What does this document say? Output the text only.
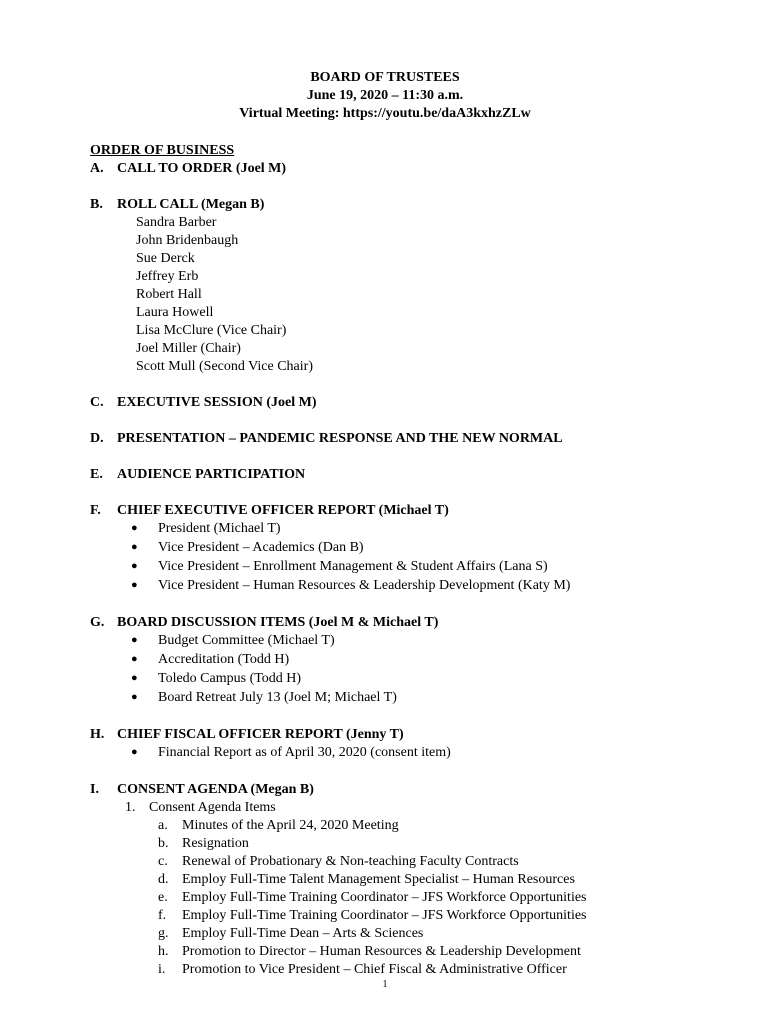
BOARD OF TRUSTEES
June 19, 2020 – 11:30 a.m.
Virtual Meeting: https://youtu.be/daA3kxhzZLw
ORDER OF BUSINESS
A. CALL TO ORDER (Joel M)
B.	ROLL CALL (Megan B)
Sandra Barber
John Bridenbaugh
Sue Derck
Jeffrey Erb
Robert Hall
Laura Howell
Lisa McClure (Vice Chair)
Joel Miller (Chair)
Scott Mull (Second Vice Chair)
C. EXECUTIVE SESSION (Joel M)
D. PRESENTATION – PANDEMIC RESPONSE AND THE NEW NORMAL
E.	AUDIENCE PARTICIPATION
F.	CHIEF EXECUTIVE OFFICER REPORT (Michael T)
●	President (Michael T)
●	Vice President – Academics (Dan B)
●	Vice President – Enrollment Management & Student Affairs (Lana S)
●	Vice President – Human Resources & Leadership Development (Katy M)
G. BOARD DISCUSSION ITEMS (Joel M & Michael T)
●	Budget Committee (Michael T)
●	Accreditation (Todd H)
●	Toledo Campus (Todd H)
●	Board Retreat July 13 (Joel M; Michael T)
H. CHIEF FISCAL OFFICER REPORT (Jenny T)
●	Financial Report as of April 30, 2020 (consent item)
I.	CONSENT AGENDA (Megan B)
1. Consent Agenda Items
a.	Minutes of the April 24, 2020 Meeting
b. Resignation
c.	Renewal of Probationary & Non-teaching Faculty Contracts
d. Employ Full-Time Talent Management Specialist – Human Resources
e.	Employ Full-Time Training Coordinator – JFS Workforce Opportunities
f.	Employ Full-Time Training Coordinator – JFS Workforce Opportunities
g. Employ Full-Time Dean – Arts & Sciences
h. Promotion to Director – Human Resources & Leadership Development
i.	Promotion to Vice President – Chief Fiscal & Administrative Officer
1
